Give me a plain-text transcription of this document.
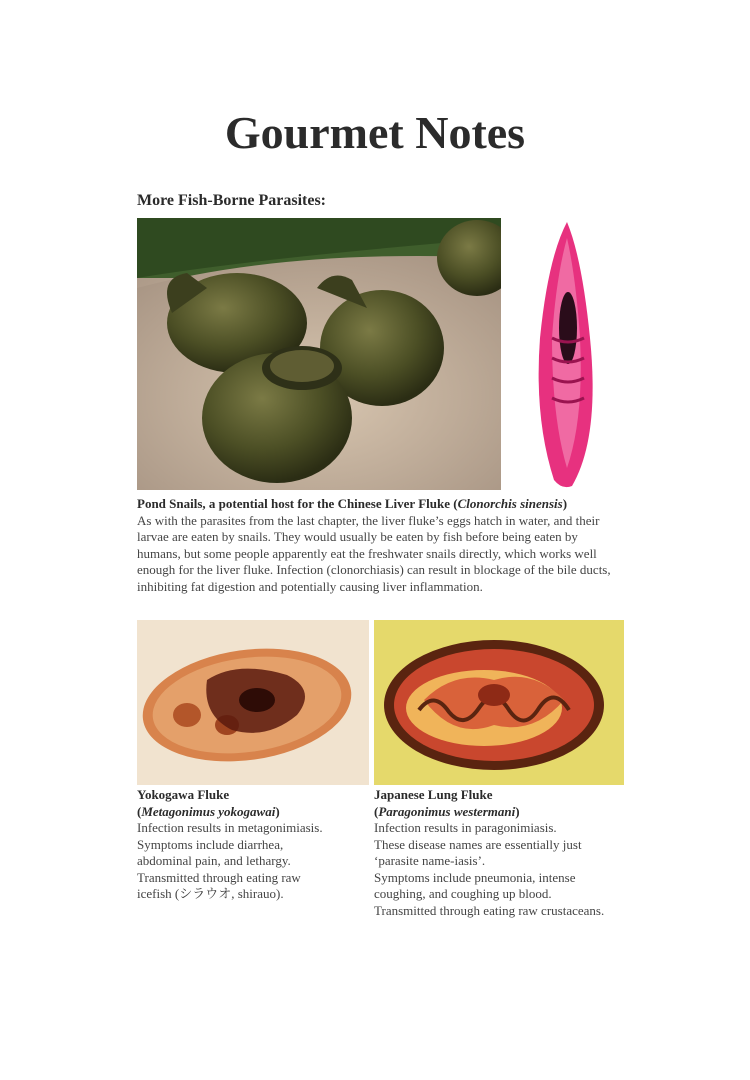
Gourmet Notes
More Fish-Borne Parasites:
Pond Snails, a potential host for the Chinese Liver Fluke (Clonorchis sinensis)
As with the parasites from the last chapter, the liver fluke’s eggs hatch in water, and their
larvae are eaten by snails. They would usually be eaten by fish before being eaten by
humans, but some people apparently eat the freshwater snails directly, which works well
enough for the liver fluke. Infection (clonorchiasis) can result in blockage of the bile ducts,
inhibiting fat digestion and potentially causing liver inflammation.
Yokogawa Fluke
(Metagonimus yokogawai)
Infection results in metagonimiasis.
Symptoms include diarrhea,
abdominal pain, and lethargy.
Transmitted through eating raw
icefish (シラウオ, shirauo).
Japanese Lung Fluke
(Paragonimus westermani)
Infection results in paragonimiasis.
These disease names are essentially just
‘parasite name-iasis’.
Symptoms include pneumonia, intense
coughing, and coughing up blood.
Transmitted through eating raw crustaceans.
